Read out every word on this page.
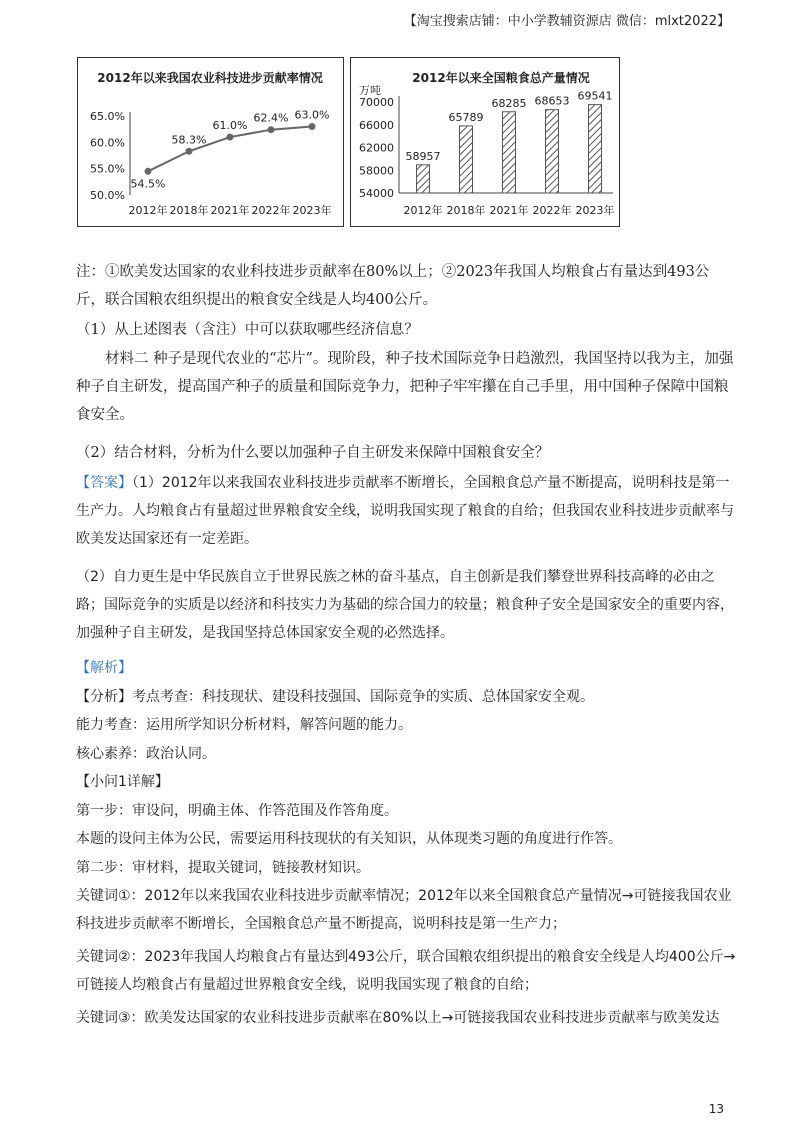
【淘宝搜索店铺：中小学教辅资源店 微信：mlxt2022】
2012年以来我国农业科技进步贡献率情况
50.0%
55.0%
60.0%
65.0%
54.5%
58.3%
61.0%
62.4% 63.0%
2012年 2018年 2021年 2022年 2023年
2012年以来全国粮食总产量情况
万吨
54000
58000
62000
66000
70000
58957
65789
68285 68653 69541
2012年 2018年 2021年 2022年 2023年

注：①欧美发达国家的农业科技进步贡献率在80%以上；②2023年我国人均粮食占有量达到493公斤，联合国粮农组织提出的粮食安全线是人均400公斤。

（1）从上述图表（含注）中可以获取哪些经济信息？

材料二 种子是现代农业的“芯片”。现阶段，种子技术国际竞争日趋激烈，我国坚持以我为主，加强种子自主研发，提高国产种子的质量和国际竞争力，把种子牢牢攥在自己手里，用中国种子保障中国粮食安全。

（2）结合材料，分析为什么要以加强种子自主研发来保障中国粮食安全？

【答案】（1）2012年以来我国农业科技进步贡献率不断增长，全国粮食总产量不断提高，说明科技是第一生产力。人均粮食占有量超过世界粮食安全线，说明我国实现了粮食的自给；但我国农业科技进步贡献率与欧美发达国家还有一定差距。

（2）自力更生是中华民族自立于世界民族之林的奋斗基点，自主创新是我们攀登世界科技高峰的必由之路；国际竞争的实质是以经济和科技实力为基础的综合国力的较量；粮食种子安全是国家安全的重要内容，加强种子自主研发，是我国坚持总体国家安全观的必然选择。

【解析】

【分析】考点考查：科技现状、建设科技强国、国际竞争的实质、总体国家安全观。

能力考查：运用所学知识分析材料，解答问题的能力。

核心素养：政治认同。

【小问1详解】

第一步：审设问，明确主体、作答范围及作答角度。

本题的设问主体为公民，需要运用科技现状的有关知识，从体现类习题的角度进行作答。

第二步：审材料，提取关键词，链接教材知识。

关键词①：2012年以来我国农业科技进步贡献率情况；2012年以来全国粮食总产量情况→可链接我国农业科技进步贡献率不断增长，全国粮食总产量不断提高，说明科技是第一生产力；

关键词②：2023年我国人均粮食占有量达到493公斤，联合国粮农组织提出的粮食安全线是人均400公斤→可链接人均粮食占有量超过世界粮食安全线，说明我国实现了粮食的自给；

关键词③：欧美发达国家的农业科技进步贡献率在80%以上→可链接我国农业科技进步贡献率与欧美发达

13
